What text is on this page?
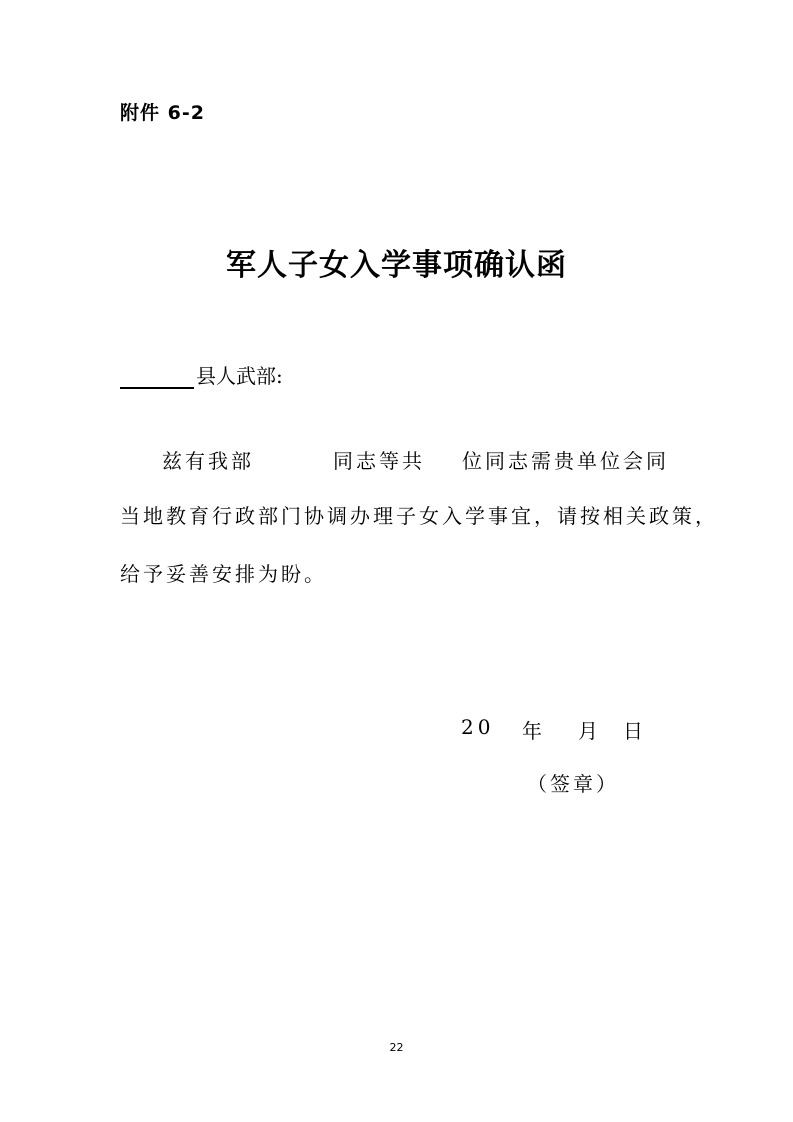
附件 6-2
军人子女入学事项确认函
县人武部:
兹有我部	同志等共 位同志需贵单位会同
当地教育行政部门协调办理子女入学事宜，请按相关政策，
给予妥善安排为盼。
20 年 月 日
（签章）
22
